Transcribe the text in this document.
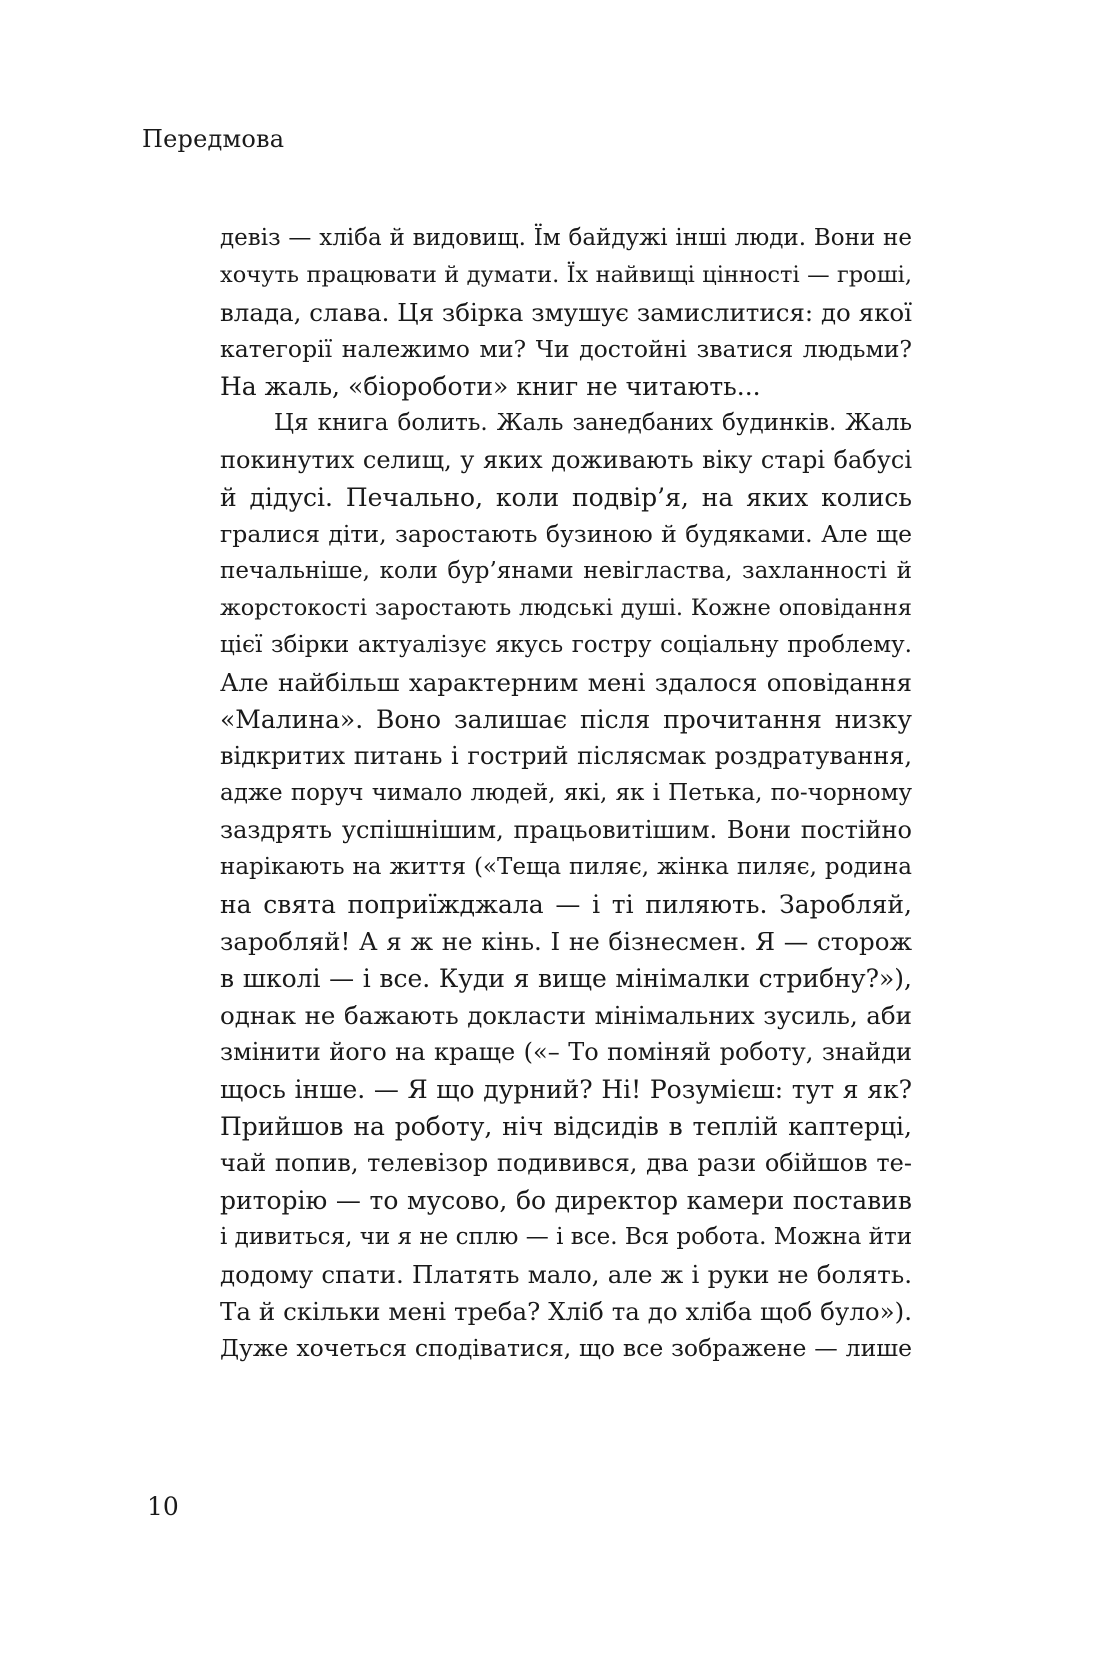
Передмова
девіз — хліба й видовищ. Їм байдужі інші люди. Вони не
хочуть працювати й думати. Їх найвищі цінності — гроші,
влада, слава. Ця збірка змушує замислитися: до якої
категорії належимо ми? Чи достойні зватися людьми?
На жаль, «біороботи» книг не читають...
Ця книга болить. Жаль занедбаних будинків. Жаль
покинутих селищ, у яких доживають віку старі бабусі
й дідусі. Печально, коли подвір’я, на яких колись
гралися діти, заростають бузиною й будяками. Але ще
печальніше, коли бур’янами невігластва, захланності й
жорстокості заростають людські душі. Кожне оповідання
цієї збірки актуалізує якусь гостру соціальну проблему.
Але найбільш характерним мені здалося оповідання
«Малина». Воно залишає після прочитання низку
відкритих питань і гострий післясмак роздратування,
адже поруч чимало людей, які, як і Петька, по-чорному
заздрять успішнішим, працьовитішим. Вони постійно
нарікають на життя («Теща пиляє, жінка пиляє, родина
на свята поприїжджала — і ті пиляють. Заробляй,
заробляй! А я ж не кінь. І не бізнесмен. Я — сторож
в школі — і все. Куди я вище мінімалки стрибну?»),
однак не бажають докласти мінімальних зусиль, аби
змінити його на краще («– То поміняй роботу, знайди
щось інше. — Я що дурний? Ні! Розумієш: тут я як?
Прийшов на роботу, ніч відсидів в теплій каптерці,
чай попив, телевізор подивився, два рази обійшов те-
риторію — то мусово, бо директор камери поставив
і дивиться, чи я не сплю — і все. Вся робота. Можна йти
додому спати. Платять мало, але ж і руки не болять.
Та й скільки мені треба? Хліб та до хліба щоб було»).
Дуже хочеться сподіватися, що все зображене — лише
10
